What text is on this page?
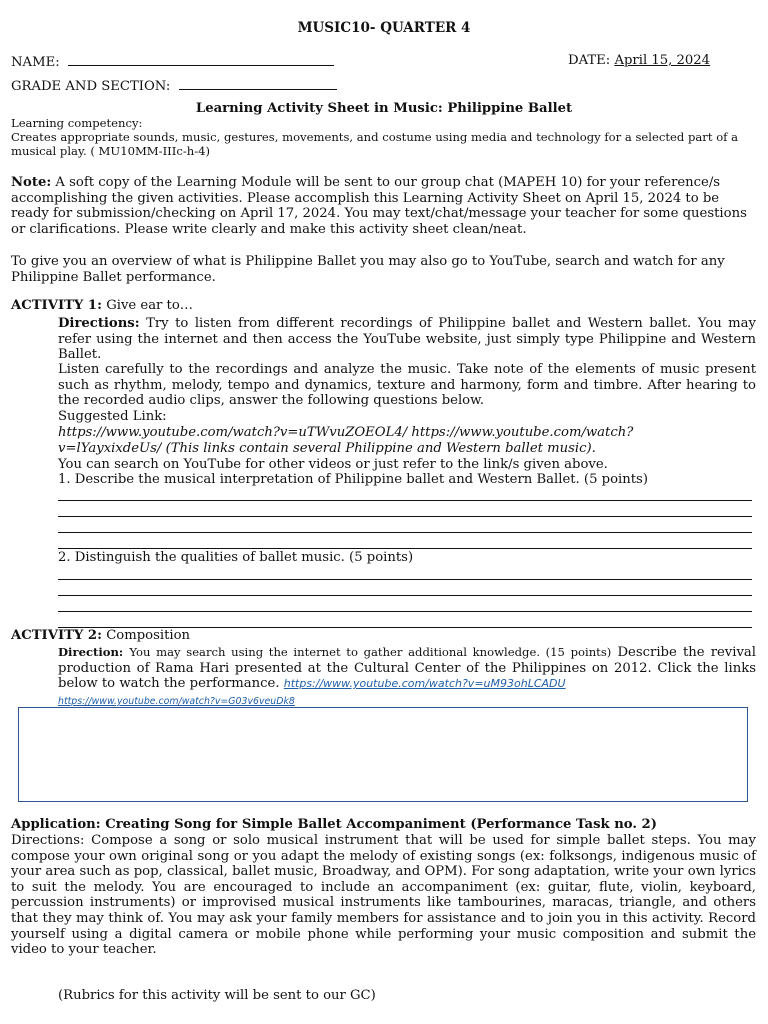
MUSIC10- QUARTER 4
NAME:	DATE: April 15, 2024
GRADE AND SECTION:
Learning Activity Sheet in Music: Philippine Ballet
Learning competency:
Creates appropriate sounds, music, gestures, movements, and costume using media and technology for a selected part of a musical play. ( MU10MM-IIIc-h-4)
Note: A soft copy of the Learning Module will be sent to our group chat (MAPEH 10) for your reference/s accomplishing the given activities. Please accomplish this Learning Activity Sheet on April 15, 2024 to be ready for submission/checking on April 17, 2024. You may text/chat/message your teacher for some questions or clarifications. Please write clearly and make this activity sheet clean/neat.
To give you an overview of what is Philippine Ballet you may also go to YouTube, search and watch for any Philippine Ballet performance.
ACTIVITY 1: Give ear to…
Directions: Try to listen from different recordings of Philippine ballet and Western ballet. You may refer using the internet and then access the YouTube website, just simply type Philippine and Western Ballet.
Listen carefully to the recordings and analyze the music. Take note of the elements of music present such as rhythm, melody, tempo and dynamics, texture and harmony, form and timbre. After hearing to the recorded audio clips, answer the following questions below.
Suggested Link:
https://www.youtube.com/watch?v=uTWvuZOEOL4/ https://www.youtube.com/watch?
v=lYayxixdeUs/ (This links contain several Philippine and Western ballet music).
You can search on YouTube for other videos or just refer to the link/s given above.
1. Describe the musical interpretation of Philippine ballet and Western Ballet. (5 points)
2. Distinguish the qualities of ballet music. (5 points)
ACTIVITY 2: Composition
Direction: You may search using the internet to gather additional knowledge. (15 points) Describe the revival production of Rama Hari presented at the Cultural Center of the Philippines on 2012. Click the links below to watch the performance. https://www.youtube.com/watch?v=uM93ohLCADU
https://www.youtube.com/watch?v=G03v6veuDk8
Application: Creating Song for Simple Ballet Accompaniment (Performance Task no. 2)
Directions: Compose a song or solo musical instrument that will be used for simple ballet steps. You may compose your own original song or you adapt the melody of existing songs (ex: folksongs, indigenous music of your area such as pop, classical, ballet music, Broadway, and OPM). For song adaptation, write your own lyrics to suit the melody. You are encouraged to include an accompaniment (ex: guitar, flute, violin, keyboard, percussion instruments) or improvised musical instruments like tambourines, maracas, triangle, and others that they may think of. You may ask your family members for assistance and to join you in this activity. Record yourself using a digital camera or mobile phone while performing your music composition and submit the video to your teacher.
(Rubrics for this activity will be sent to our GC)
